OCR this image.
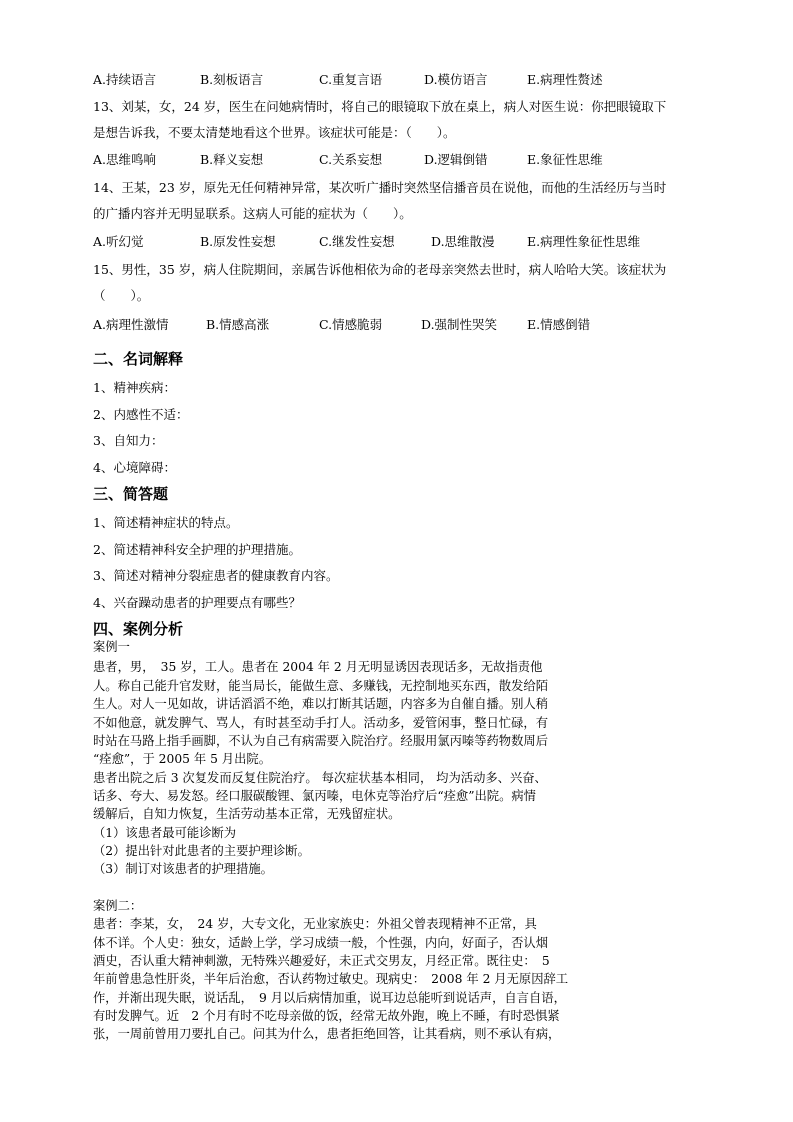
A.持续语言	B.刻板语言	C.重复言语	D.模仿语言	E.病理性赘述
13、刘某，女，24 岁，医生在问她病情时，将自己的眼镜取下放在桌上，病人对医生说：你把眼镜取下
是想告诉我，不要太清楚地看这个世界。该症状可能是：（　　）。
A.思维鸣响	B.释义妄想	C.关系妄想	D.逻辑倒错	E.象征性思维
14、王某，23 岁，原先无任何精神异常，某次听广播时突然坚信播音员在说他，而他的生活经历与当时
的广播内容并无明显联系。这病人可能的症状为（　　）。
A.听幻觉	B.原发性妄想	C.继发性妄想	D.思维散漫	E.病理性象征性思维
15、男性，35 岁，病人住院期间，亲属告诉他相依为命的老母亲突然去世时，病人哈哈大笑。该症状为
（　　）。
A.病理性激情	B.情感高涨	C.情感脆弱	D.强制性哭笑 E.情感倒错
二、名词解释
1、精神疾病：
2、内感性不适：
3、自知力：
4、心境障碍：
三、简答题
1、简述精神症状的特点。
2、简述精神科安全护理的护理措施。
3、简述对精神分裂症患者的健康教育内容。
4、兴奋躁动患者的护理要点有哪些？
四、案例分析
案例一
患者，男，　35 岁，工人。患者在 2004 年 2 月无明显诱因表现话多，无故指责他
人。称自己能升官发财，能当局长，能做生意、多赚钱，无控制地买东西，散发给陌
生人。对人一见如故，讲话滔滔不绝，难以打断其话题，内容多为自催自播。别人稍
不如他意，就发脾气、骂人，有时甚至动手打人。活动多，爱管闲事，整日忙碌，有
时站在马路上指手画脚，不认为自己有病需要入院治疗。经服用氯丙嗪等药物数周后
“痊愈”，于 2005 年 5 月出院。
患者出院之后 3 次复发而反复住院治疗。 每次症状基本相同， 均为活动多、兴奋、
话多、夸大、易发怒。经口服碳酸锂、氯丙嗪，电休克等治疗后“痊愈”出院。病情
缓解后，自知力恢复，生活劳动基本正常，无残留症状。
（1）该患者最可能诊断为
（2）提出针对此患者的主要护理诊断。
（3）制订对该患者的护理措施。
案例二：
患者：李某，女，　24 岁，大专文化，无业家族史：外祖父曾表现精神不正常，具
体不详。个人史：独女，适龄上学，学习成绩一般，个性强，内向，好面子，否认烟
酒史，否认重大精神刺激，无特殊兴趣爱好，未正式交男友，月经正常。既往史：　5
年前曾患急性肝炎，半年后治愈，否认药物过敏史。现病史：　2008 年 2 月无原因辞工
作，并渐出现失眠，说话乱，　9 月以后病情加重，说耳边总能听到说话声，自言自语，
有时发脾气。近　2 个月有时不吃母亲做的饭，经常无故外跑，晚上不睡，有时恐惧紧
张，一周前曾用刀要扎自己。问其为什么，患者拒绝回答，让其看病，则不承认有病，
